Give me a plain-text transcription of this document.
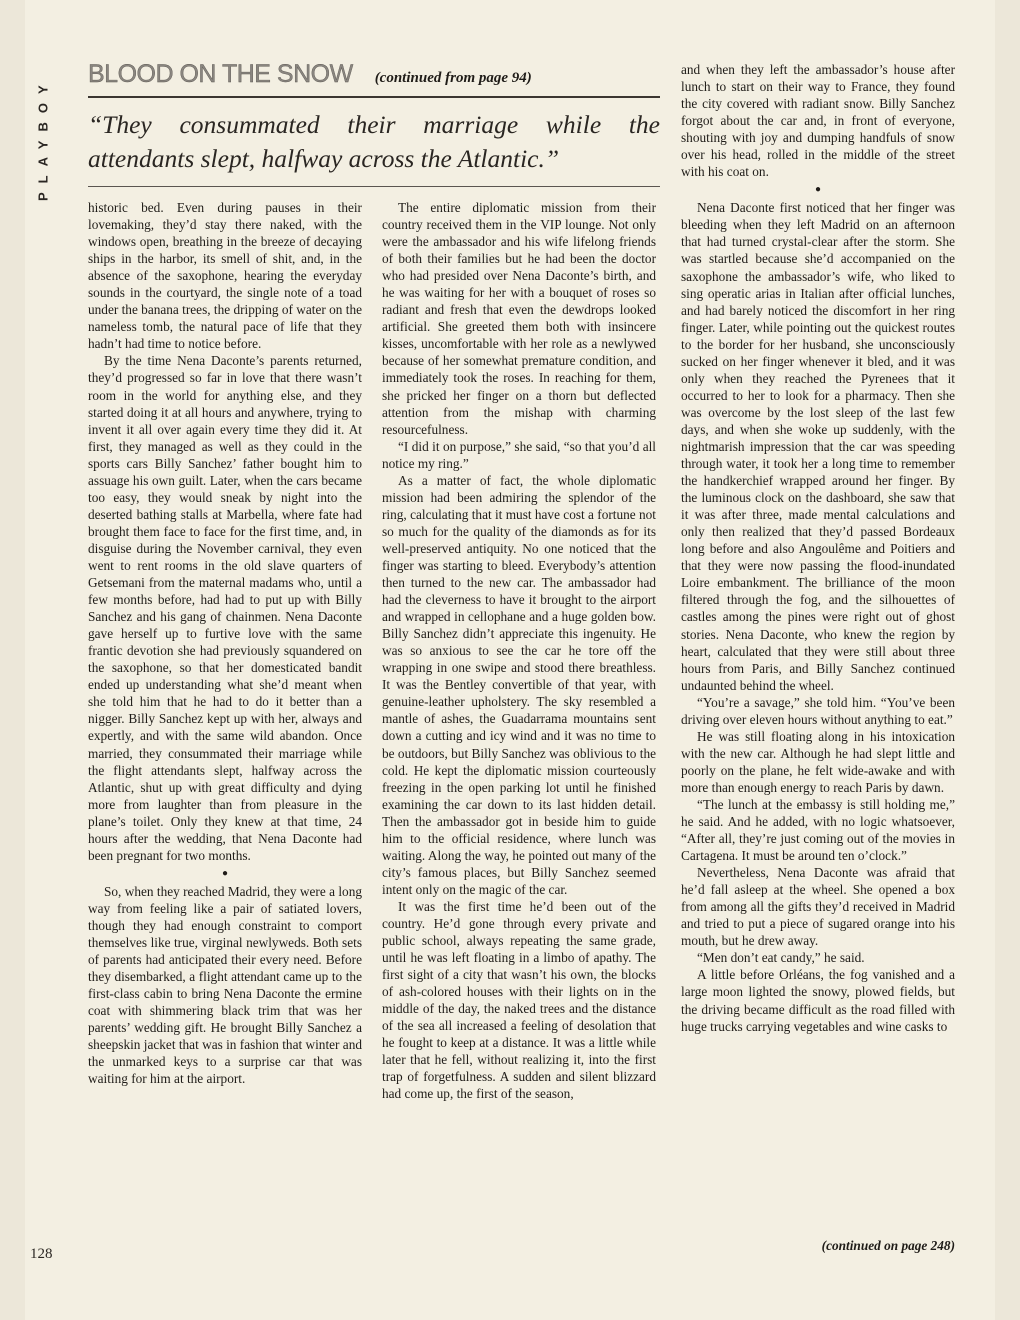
PLAYBOY
128
BLOOD ON THE SNOW (continued from page 94)
“They consummated their marriage while the attendants slept, halfway across the Atlantic.”

historic bed. Even during pauses in their lovemaking, they’d stay there naked, with the windows open, breathing in the breeze of decaying ships in the harbor, its smell of shit, and, in the absence of the saxophone, hearing the everyday sounds in the courtyard, the single note of a toad under the banana trees, the dripping of water on the nameless tomb, the natural pace of life that they hadn’t had time to notice before.

By the time Nena Daconte’s parents returned, they’d progressed so far in love that there wasn’t room in the world for anything else, and they started doing it at all hours and anywhere, trying to invent it all over again every time they did it. At first, they managed as well as they could in the sports cars Billy Sanchez’ father bought him to assuage his own guilt. Later, when the cars became too easy, they would sneak by night into the deserted bathing stalls at Marbella, where fate had brought them face to face for the first time, and, in disguise during the November carnival, they even went to rent rooms in the old slave quarters of Getsemani from the maternal madams who, until a few months before, had had to put up with Billy Sanchez and his gang of chainmen. Nena Daconte gave herself up to furtive love with the same frantic devotion she had previously squandered on the saxophone, so that her domesticated bandit ended up understanding what she’d meant when she told him that he had to do it better than a nigger. Billy Sanchez kept up with her, always and expertly, and with the same wild abandon. Once married, they consummated their marriage while the flight attendants slept, halfway across the Atlantic, shut up with great difficulty and dying more from laughter than from pleasure in the plane’s toilet. Only they knew at that time, 24 hours after the wedding, that Nena Daconte had been pregnant for two months.

●

So, when they reached Madrid, they were a long way from feeling like a pair of satiated lovers, though they had enough constraint to comport themselves like true, virginal newlyweds. Both sets of parents had anticipated their every need. Before they disembarked, a flight attendant came up to the first-class cabin to bring Nena Daconte the ermine coat with shimmering black trim that was her parents’ wedding gift. He brought Billy Sanchez a sheepskin jacket that was in fashion that winter and the unmarked keys to a surprise car that was waiting for him at the airport.

The entire diplomatic mission from their country received them in the VIP lounge. Not only were the ambassador and his wife lifelong friends of both their families but he had been the doctor who had presided over Nena Daconte’s birth, and he was waiting for her with a bouquet of roses so radiant and fresh that even the dewdrops looked artificial. She greeted them both with insincere kisses, uncomfortable with her role as a newlywed because of her somewhat premature condition, and immediately took the roses. In reaching for them, she pricked her finger on a thorn but deflected attention from the mishap with charming resourcefulness.

“I did it on purpose,” she said, “so that you’d all notice my ring.”

As a matter of fact, the whole diplomatic mission had been admiring the splendor of the ring, calculating that it must have cost a fortune not so much for the quality of the diamonds as for its well-preserved antiquity. No one noticed that the finger was starting to bleed. Everybody’s attention then turned to the new car. The ambassador had had the cleverness to have it brought to the airport and wrapped in cellophane and a huge golden bow. Billy Sanchez didn’t appreciate this ingenuity. He was so anxious to see the car he tore off the wrapping in one swipe and stood there breathless. It was the Bentley convertible of that year, with genuine-leather upholstery. The sky resembled a mantle of ashes, the Guadarrama mountains sent down a cutting and icy wind and it was no time to be outdoors, but Billy Sanchez was oblivious to the cold. He kept the diplomatic mission courteously freezing in the open parking lot until he finished examining the car down to its last hidden detail. Then the ambassador got in beside him to guide him to the official residence, where lunch was waiting. Along the way, he pointed out many of the city’s famous places, but Billy Sanchez seemed intent only on the magic of the car.

It was the first time he’d been out of the country. He’d gone through every private and public school, always repeating the same grade, until he was left floating in a limbo of apathy. The first sight of a city that wasn’t his own, the blocks of ash-colored houses with their lights on in the middle of the day, the naked trees and the distance of the sea all increased a feeling of desolation that he fought to keep at a distance. It was a little while later that he fell, without realizing it, into the first trap of forgetfulness. A sudden and silent blizzard had come up, the first of the season,

and when they left the ambassador’s house after lunch to start on their way to France, they found the city covered with radiant snow. Billy Sanchez forgot about the car and, in front of everyone, shouting with joy and dumping handfuls of snow over his head, rolled in the middle of the street with his coat on.

●

Nena Daconte first noticed that her finger was bleeding when they left Madrid on an afternoon that had turned crystal-clear after the storm. She was startled because she’d accompanied on the saxophone the ambassador’s wife, who liked to sing operatic arias in Italian after official lunches, and had barely noticed the discomfort in her ring finger. Later, while pointing out the quickest routes to the border for her husband, she unconsciously sucked on her finger whenever it bled, and it was only when they reached the Pyrenees that it occurred to her to look for a pharmacy. Then she was overcome by the lost sleep of the last few days, and when she woke up suddenly, with the nightmarish impression that the car was speeding through water, it took her a long time to remember the handkerchief wrapped around her finger. By the luminous clock on the dashboard, she saw that it was after three, made mental calculations and only then realized that they’d passed Bordeaux long before and also Angoulême and Poitiers and that they were now passing the flood-inundated Loire embankment. The brilliance of the moon filtered through the fog, and the silhouettes of castles among the pines were right out of ghost stories. Nena Daconte, who knew the region by heart, calculated that they were still about three hours from Paris, and Billy Sanchez continued undaunted behind the wheel.

“You’re a savage,” she told him. “You’ve been driving over eleven hours without anything to eat.”

He was still floating along in his intoxication with the new car. Although he had slept little and poorly on the plane, he felt wide-awake and with more than enough energy to reach Paris by dawn.

“The lunch at the embassy is still holding me,” he said. And he added, with no logic whatsoever, “After all, they’re just coming out of the movies in Cartagena. It must be around ten o’clock.”

Nevertheless, Nena Daconte was afraid that he’d fall asleep at the wheel. She opened a box from among all the gifts they’d received in Madrid and tried to put a piece of sugared orange into his mouth, but he drew away.

“Men don’t eat candy,” he said.

A little before Orléans, the fog vanished and a large moon lighted the snowy, plowed fields, but the driving became difficult as the road filled with huge trucks carrying vegetables and wine casks to

(continued on page 248)
